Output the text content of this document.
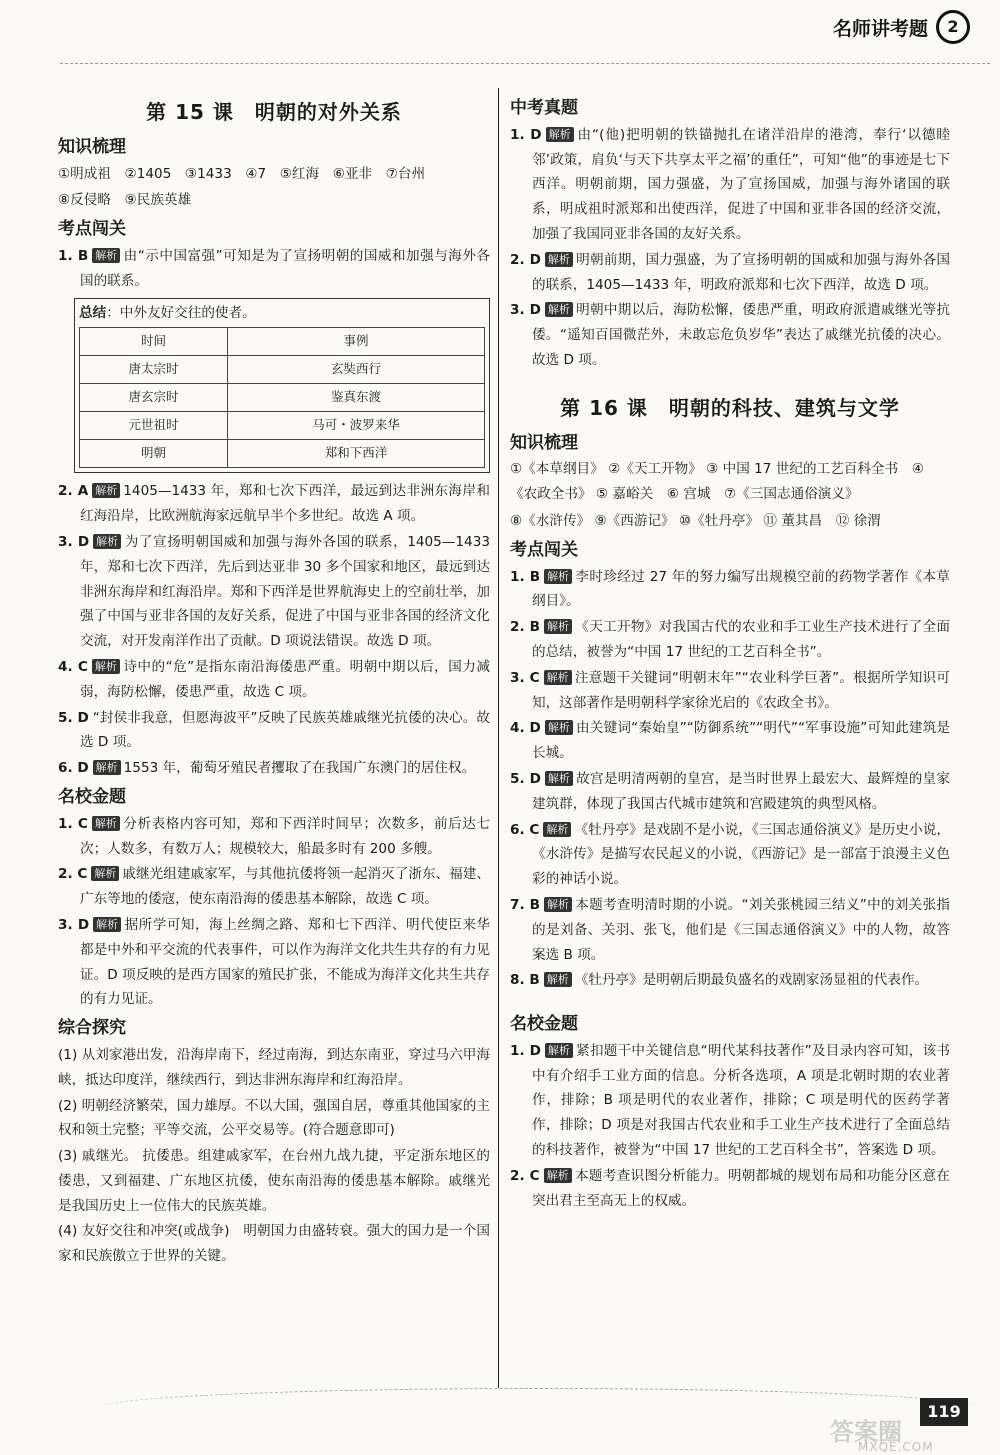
名师讲考题	2
第 15 课　明朝的对外关系
知识梳理
①明成祖　②1405　③1433　④7　⑤红海　⑥亚非　⑦台州
⑧反侵略　⑨民族英雄
考点闯关
1. B 解析 由“示中国富强”可知是为了宣扬明朝的国威和加强与海外各国的联系。
总结：中外友好交往的使者。
时间	事例
唐太宗时	玄奘西行
唐玄宗时	鉴真东渡
元世祖时	马可・波罗来华
明朝	郑和下西洋
2. A 解析 1405—1433 年，郑和七次下西洋，最远到达非洲东海岸和红海沿岸，比欧洲航海家远航早半个多世纪。故选 A 项。
3. D 解析 为了宣扬明朝国威和加强与海外各国的联系，1405—1433 年，郑和七次下西洋，先后到达亚非 30 多个国家和地区，最远到达非洲东海岸和红海沿岸。郑和下西洋是世界航海史上的空前壮举，加强了中国与亚非各国的友好关系，促进了中国与亚非各国的经济文化交流，对开发南洋作出了贡献。D 项说法错误。故选 D 项。
4. C 解析 诗中的“危”是指东南沿海倭患严重。明朝中期以后，国力减弱，海防松懈，倭患严重，故选 C 项。
5. D “封侯非我意，但愿海波平”反映了民族英雄戚继光抗倭的决心。故选 D 项。
6. D 解析 1553 年，葡萄牙殖民者攫取了在我国广东澳门的居住权。
名校金题
1. C 解析 分析表格内容可知，郑和下西洋时间早；次数多，前后达七次；人数多，有数万人；规模较大，船最多时有 200 多艘。
2. C 解析 戚继光组建戚家军，与其他抗倭将领一起消灭了浙东、福建、广东等地的倭寇，使东南沿海的倭患基本解除，故选 C 项。
3. D 解析 据所学可知，海上丝绸之路、郑和七下西洋、明代使臣来华都是中外和平交流的代表事件，可以作为海洋文化共生共存的有力见证。D 项反映的是西方国家的殖民扩张，不能成为海洋文化共生共存的有力见证。
综合探究
(1) 从刘家港出发，沿海岸南下，经过南海，到达东南亚，穿过马六甲海峡，抵达印度洋，继续西行，到达非洲东海岸和红海沿岸。
(2) 明朝经济繁荣，国力雄厚。不以大国，强国自居，尊重其他国家的主权和领土完整；平等交流，公平交易等。(符合题意即可)
(3) 戚继光。 抗倭患。组建戚家军，在台州九战九捷，平定浙东地区的倭患，又到福建、广东地区抗倭，使东南沿海的倭患基本解除。戚继光是我国历史上一位伟大的民族英雄。
(4) 友好交往和冲突(或战争)　明朝国力由盛转衰。强大的国力是一个国家和民族傲立于世界的关键。
中考真题
1. D 解析 由“(他)把明朝的铁锚抛扎在诸洋沿岸的港湾，奉行‘以德睦邻’政策，肩负‘与天下共享太平之福’的重任”，可知“他”的事迹是七下西洋。明朝前期，国力强盛，为了宣扬国威，加强与海外诸国的联系，明成祖时派郑和出使西洋，促进了中国和亚非各国的经济交流，加强了我国同亚非各国的友好关系。
2. D 解析 明朝前期，国力强盛，为了宣扬明朝的国威和加强与海外各国的联系，1405—1433 年，明政府派郑和七次下西洋，故选 D 项。
3. D 解析 明朝中期以后，海防松懈，倭患严重，明政府派遣戚继光等抗倭。“遥知百国微茫外，未敢忘危负岁华”表达了戚继光抗倭的决心。故选 D 项。
第 16 课　明朝的科技、建筑与文学
知识梳理
①《本草纲目》 ②《天工开物》 ③ 中国 17 世纪的工艺百科全书　④《农政全书》 ⑤ 嘉峪关　⑥ 宫城　⑦《三国志通俗演义》
⑧《水浒传》 ⑨《西游记》 ⑩《牡丹亭》 ⑪ 董其昌　⑫ 徐渭
考点闯关
1. B 解析 李时珍经过 27 年的努力编写出规模空前的药物学著作《本草纲目》。
2. B 解析 《天工开物》对我国古代的农业和手工业生产技术进行了全面的总结，被誉为“中国 17 世纪的工艺百科全书”。
3. C 解析 注意题干关键词“明朝末年”“农业科学巨著”。根据所学知识可知，这部著作是明朝科学家徐光启的《农政全书》。
4. D 解析 由关键词“秦始皇”“防御系统”“明代”“军事设施”可知此建筑是长城。
5. D 解析 故宫是明清两朝的皇宫，是当时世界上最宏大、最辉煌的皇家建筑群，体现了我国古代城市建筑和宫殿建筑的典型风格。
6. C 解析 《牡丹亭》是戏剧不是小说，《三国志通俗演义》是历史小说，《水浒传》是描写农民起义的小说，《西游记》是一部富于浪漫主义色彩的神话小说。
7. B 解析 本题考查明清时期的小说。“刘关张桃园三结义”中的刘关张指的是刘备、关羽、张飞，他们是《三国志通俗演义》中的人物，故答案选 B 项。
8. B 解析 《牡丹亭》是明朝后期最负盛名的戏剧家汤显祖的代表作。
名校金题
1. D 解析 紧扣题干中关键信息“明代某科技著作”及目录内容可知，该书中有介绍手工业方面的信息。分析各选项，A 项是北朝时期的农业著作，排除；B 项是明代的农业著作，排除；C 项是明代的医药学著作，排除；D 项是对我国古代农业和手工业生产技术进行了全面总结的科技著作，被誉为“中国 17 世纪的工艺百科全书”，答案选 D 项。
2. C 解析 本题考查识图分析能力。明朝都城的规划布局和功能分区意在突出君主至高无上的权威。
119
答案圈
MXQE.COM
